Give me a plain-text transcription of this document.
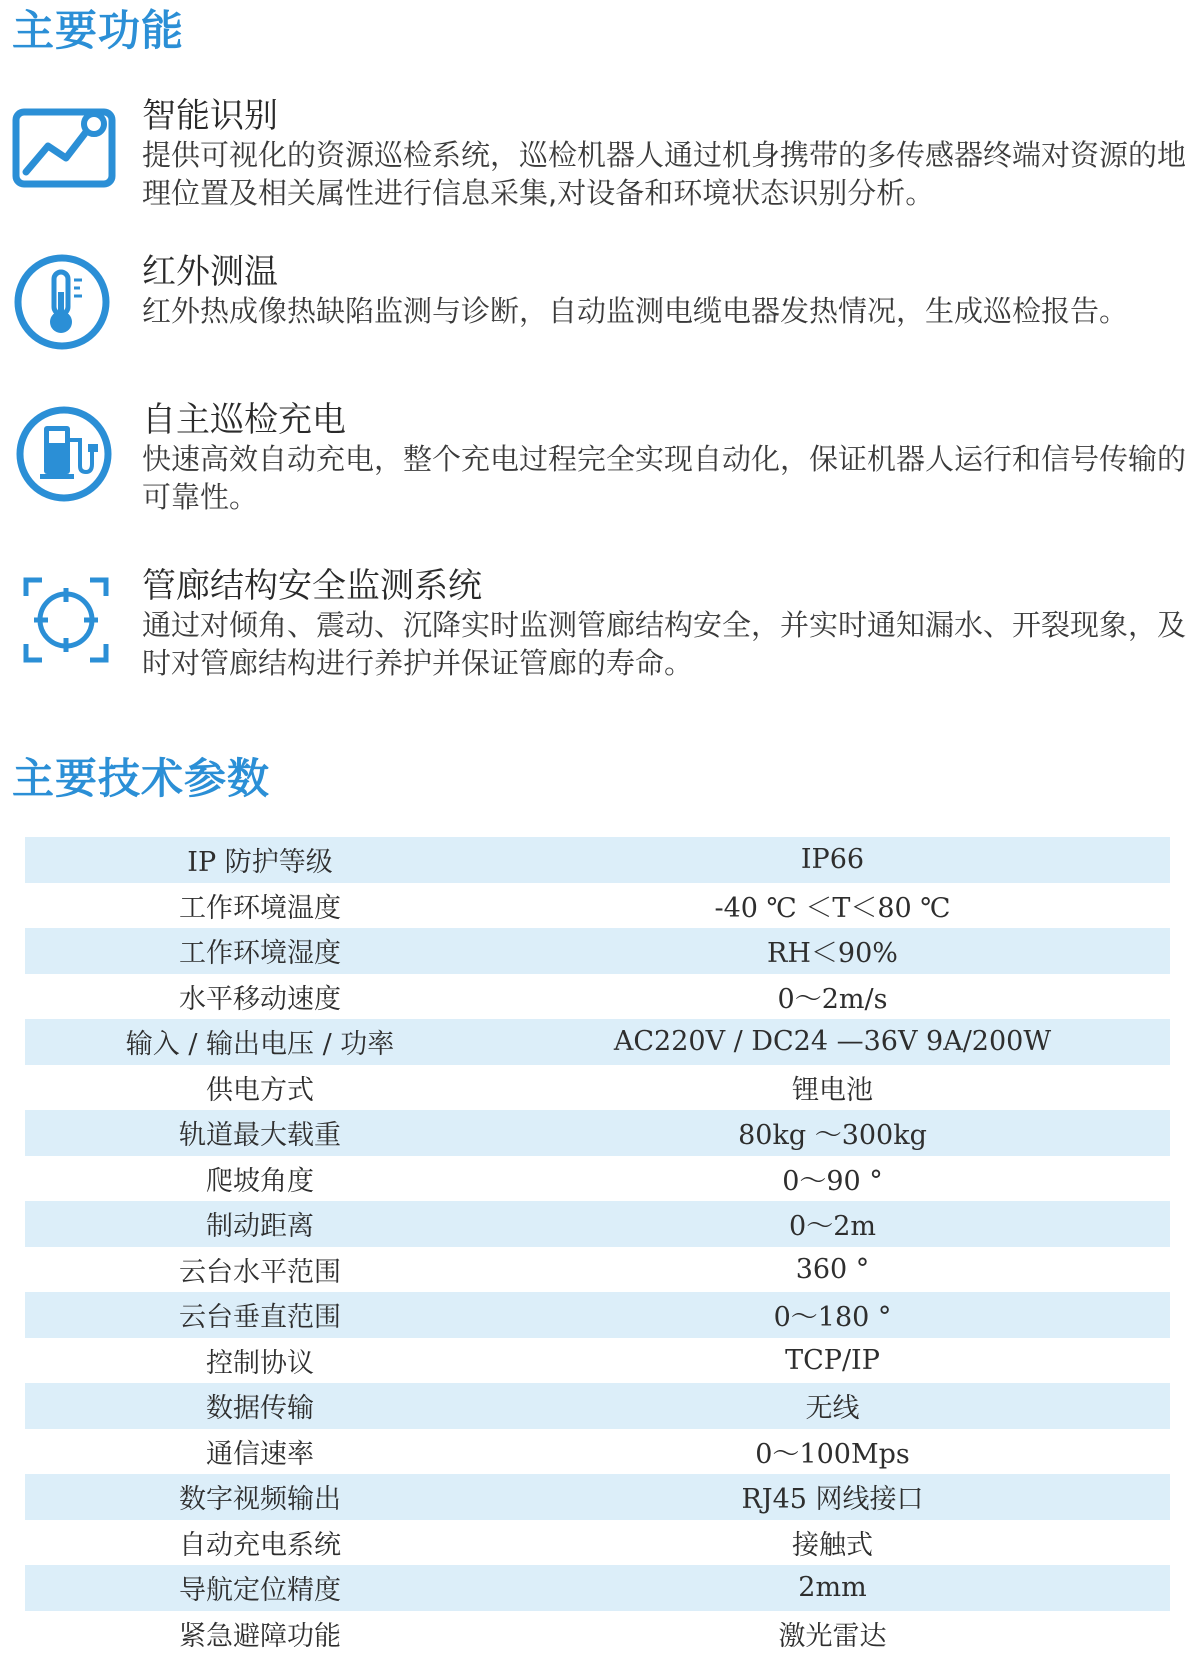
主要功能

智能识别

提供可视化的资源巡检系统，巡检机器人通过机身携带的多传感器终端对资源的地理位置及相关属性进行信息采集,对设备和环境状态识别分析。

红外测温

红外热成像热缺陷监测与诊断，自动监测电缆电器发热情况，生成巡检报告。

自主巡检充电

快速高效自动充电，整个充电过程完全实现自动化，保证机器人运行和信号传输的可靠性。

管廊结构安全监测系统

通过对倾角、震动、沉降实时监测管廊结构安全，并实时通知漏水、开裂现象，及时对管廊结构进行养护并保证管廊的寿命。

主要技术参数
IP 防护等级	IP66
工作环境温度	-40 ℃ ＜T＜80 ℃
工作环境湿度	RH＜90%
水平移动速度	0～2m/s
输入 / 输出电压 / 功率	AC220V / DC24 —36V 9A/200W
供电方式	锂电池
轨道最大载重	80kg ～300kg
爬坡角度	0～90 °
制动距离	0～2m
云台水平范围	360 °
云台垂直范围	0～180 °
控制协议	TCP/IP
数据传输	无线
通信速率	0～100Mps
数字视频输出	RJ45 网线接口
自动充电系统	接触式
导航定位精度	2mm
紧急避障功能	激光雷达
